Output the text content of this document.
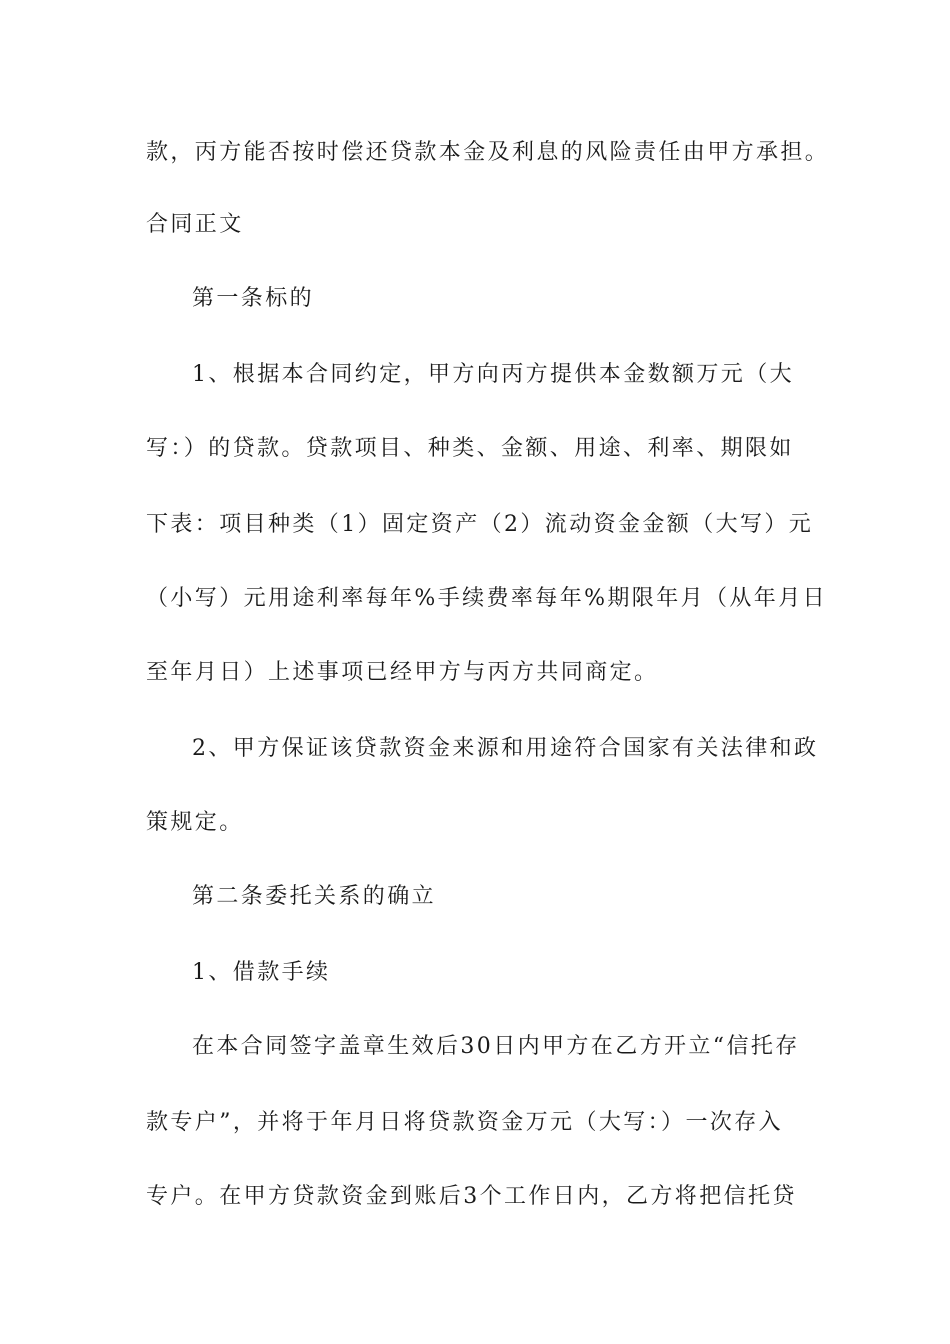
款，丙方能否按时偿还贷款本金及利息的风险责任由甲方承担。
合同正文
第一条标的
1、根据本合同约定，甲方向丙方提供本金数额万元（大
写：）的贷款。贷款项目、种类、金额、用途、利率、期限如
下表：项目种类（1）固定资产（2）流动资金金额（大写）元
（小写）元用途利率每年%手续费率每年%期限年月（从年月日
至年月日）上述事项已经甲方与丙方共同商定。
2、甲方保证该贷款资金来源和用途符合国家有关法律和政
策规定。
第二条委托关系的确立
1、借款手续
在本合同签字盖章生效后30日内甲方在乙方开立“信托存
款专户”，并将于年月日将贷款资金万元（大写：）一次存入
专户。在甲方贷款资金到账后3个工作日内，乙方将把信托贷
